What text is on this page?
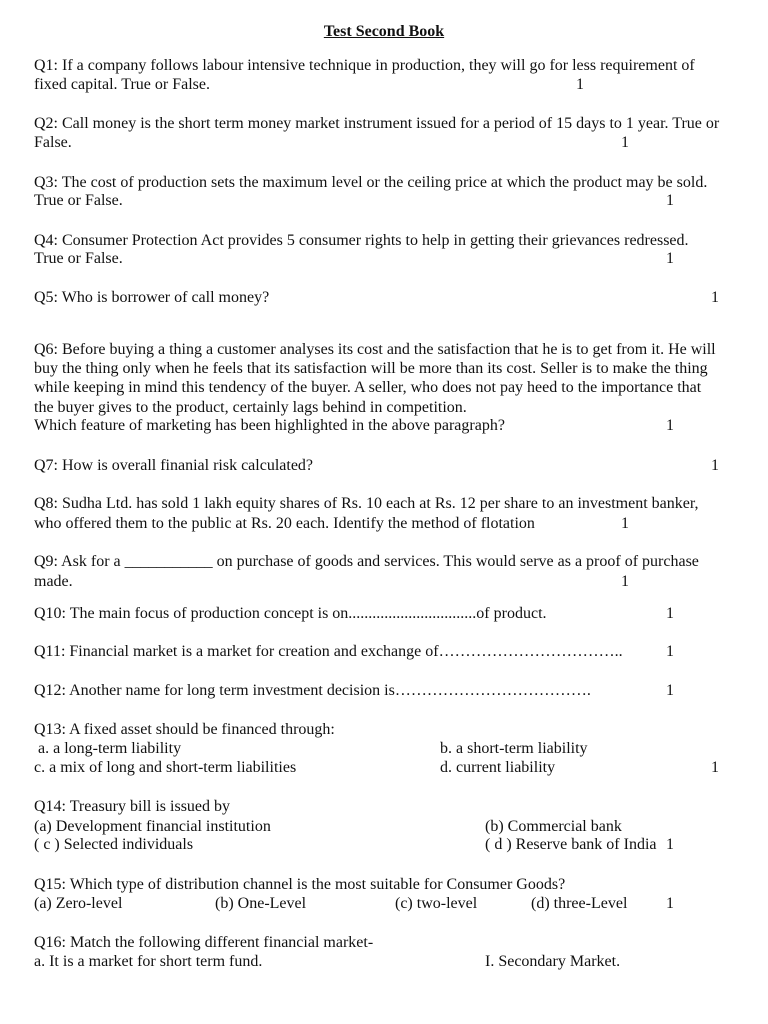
Test Second Book
Q1: If a company follows labour intensive technique in production, they will go for less requirement of
fixed capital. True or False.	1
Q2: Call money is the short term money market instrument issued for a period of 15 days to 1 year. True or
False.	1
Q3: The cost of production sets the maximum level or the ceiling price at which the product may be sold.
True or False.	1
Q4: Consumer Protection Act provides 5 consumer rights to help in getting their grievances redressed.
True or False.	1
Q5: Who is borrower of call money?	1
Q6: Before buying a thing a customer analyses its cost and the satisfaction that he is to get from it. He will
buy the thing only when he feels that its satisfaction will be more than its cost. Seller is to make the thing
while keeping in mind this tendency of the buyer. A seller, who does not pay heed to the importance that
the buyer gives to the product, certainly lags behind in competition.
Which feature of marketing has been highlighted in the above paragraph?	1
Q7: How is overall finanial risk calculated?	1
Q8: Sudha Ltd. has sold 1 lakh equity shares of Rs. 10 each at Rs. 12 per share to an investment banker,
who offered them to the public at Rs. 20 each. Identify the method of flotation	1
Q9: Ask for a ___________ on purchase of goods and services. This would serve as a proof of purchase
made.	1
Q10: The main focus of production concept is on................................of product.	1
Q11: Financial market is a market for creation and exchange of……………………………..	1
Q12: Another name for long term investment decision is……………………………….	1
Q13: A fixed asset should be financed through:
a. a long-term liability	b. a short-term liability
c. a mix of long and short-term liabilities	d. current liability	1
Q14: Treasury bill is issued by
(a) Development financial institution	(b) Commercial bank
( c ) Selected individuals	( d ) Reserve bank of India 1
Q15: Which type of distribution channel is the most suitable for Consumer Goods?
(a) Zero-level	(b) One-Level	(c) two-level	(d) three-Level 1
Q16: Match the following different financial market-
a. It is a market for short term fund.	I. Secondary Market.
